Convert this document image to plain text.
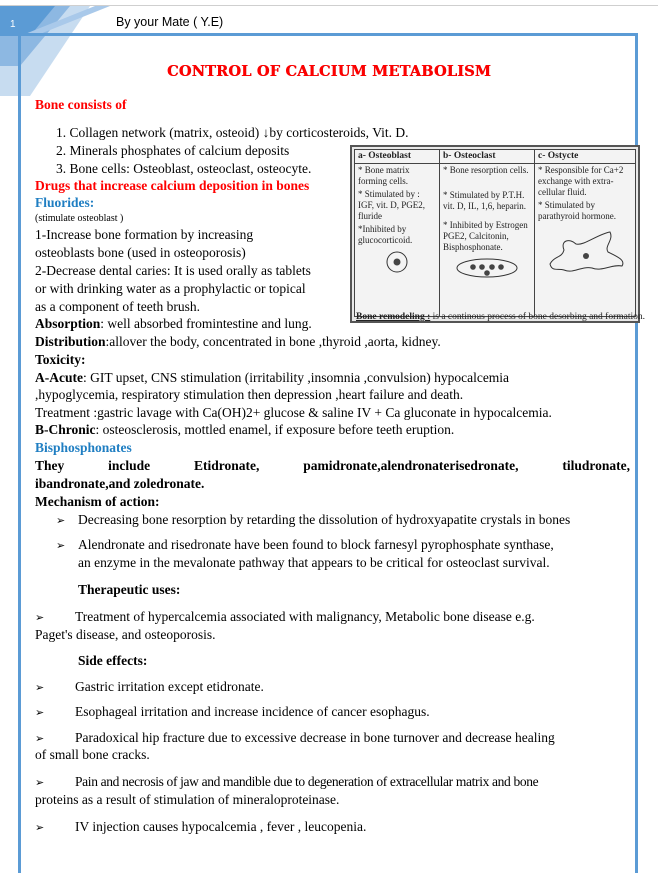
1	By your Mate ( Y.E)
CONTROL OF CALCIUM METABOLISM
Bone consists of
1. Collagen network (matrix, osteoid) ↓by corticosteroids, Vit. D.
2. Minerals phosphates of calcium deposits
3. Bone cells: Osteoblast, osteoclast, osteocyte.
Drugs that increase calcium deposition in bones
Fluorides:
(stimulate osteoblast )
1-Increase bone formation by increasing
osteoblasts bone (used in osteoporosis)
2-Decrease dental caries: It is used orally as tablets
or with drinking water as a prophylactic or topical
as a component of teeth brush.
Absorption: well absorbed fromintestine and lung.
a- Osteoblast	b- Osteoclast	c- Ostycte

* Bone matrix forming cells.
* Stimulated by : IGF, vit. D, PGE2, fluride
*Inhibited by glucocorticoid.

* Bone resorption cells.
* Stimulated by P.T.H. vit. D, IL, 1,6, heparin.
* Inhibited by Estrogen PGE2, Calcitonin, Bisphosphonate.

* Responsible for Ca+2 exchange with extra-cellular fluid.
* Stimulated by parathyroid hormone.
Bone remodeling : is a continous process of bone desorbing and formation.
Distribution:allover the body, concentrated in bone ,thyroid ,aorta, kidney.
Toxicity:
A-Acute: GIT upset, CNS stimulation (irritability ,insomnia ,convulsion) hypocalcemia
,hypoglycemia, respiratory stimulation then depression ,heart failure and death.
Treatment :gastric lavage with Ca(OH)2+ glucose & saline IV + Ca gluconate in hypocalcemia.
B-Chronic: osteosclerosis, mottled enamel, if exposure before teeth eruption.
Bisphosphonates
They	include	Etidronate,	pamidronate,alendronaterisedronate,	tiludronate,
ibandronate,and zoledronate.
Mechanism of action:
➢ Decreasing bone resorption by retarding the dissolution of hydroxyapatite crystals in bones
➢ Alendronate and risedronate have been found to block farnesyl pyrophosphate synthase,
an enzyme in the mevalonate pathway that appears to be critical for osteoclast survival.
Therapeutic uses:
➢ Treatment of hypercalcemia associated with malignancy, Metabolic bone disease e.g.
Paget's disease, and osteoporosis.
Side effects:
➢ Gastric irritation except etidronate.
➢ Esophageal irritation and increase incidence of cancer esophagus.
➢ Paradoxical hip fracture due to excessive decrease in bone turnover and decrease healing
of small bone cracks.
➢ Pain and necrosis of jaw and mandible due to degeneration of extracellular matrix and bone
proteins as a result of stimulation of mineraloproteinase.
➢ IV injection causes hypocalcemia , fever , leucopenia.
